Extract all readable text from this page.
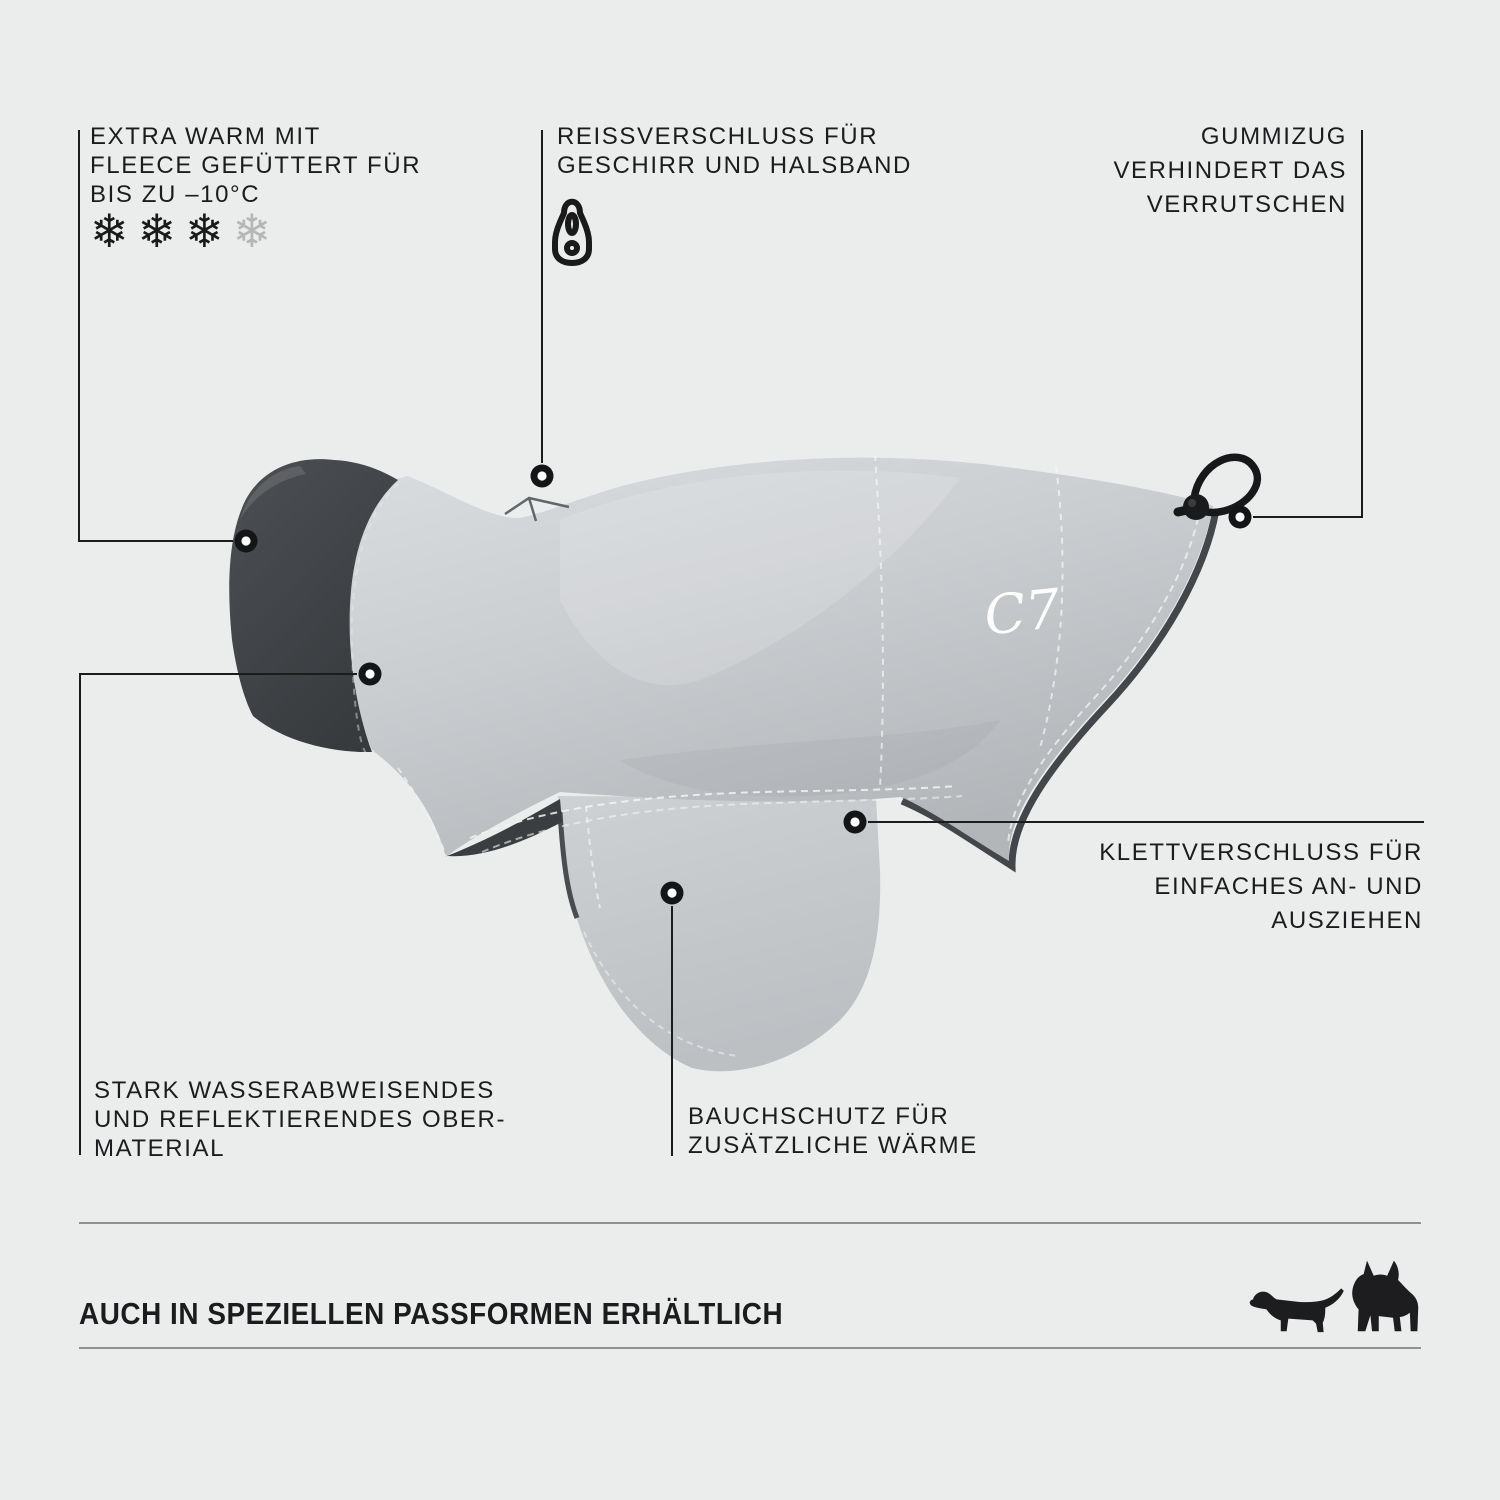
C7
EXTRA WARM MIT
FLEECE GEFÜTTERT FÜR
BIS ZU –10°C
❄ ❄ ❄ ❄
REISSVERSCHLUSS FÜR
GESCHIRR UND HALSBAND
GUMMIZUG
VERHINDERT DAS
VERRUTSCHEN
KLETTVERSCHLUSS FÜR
EINFACHES AN- UND
AUSZIEHEN
STARK WASSERABWEISENDES
UND REFLEKTIERENDES OBER-
MATERIAL
BAUCHSCHUTZ FÜR
ZUSÄTZLICHE WÄRME
AUCH IN SPEZIELLEN PASSFORMEN ERHÄLTLICH
